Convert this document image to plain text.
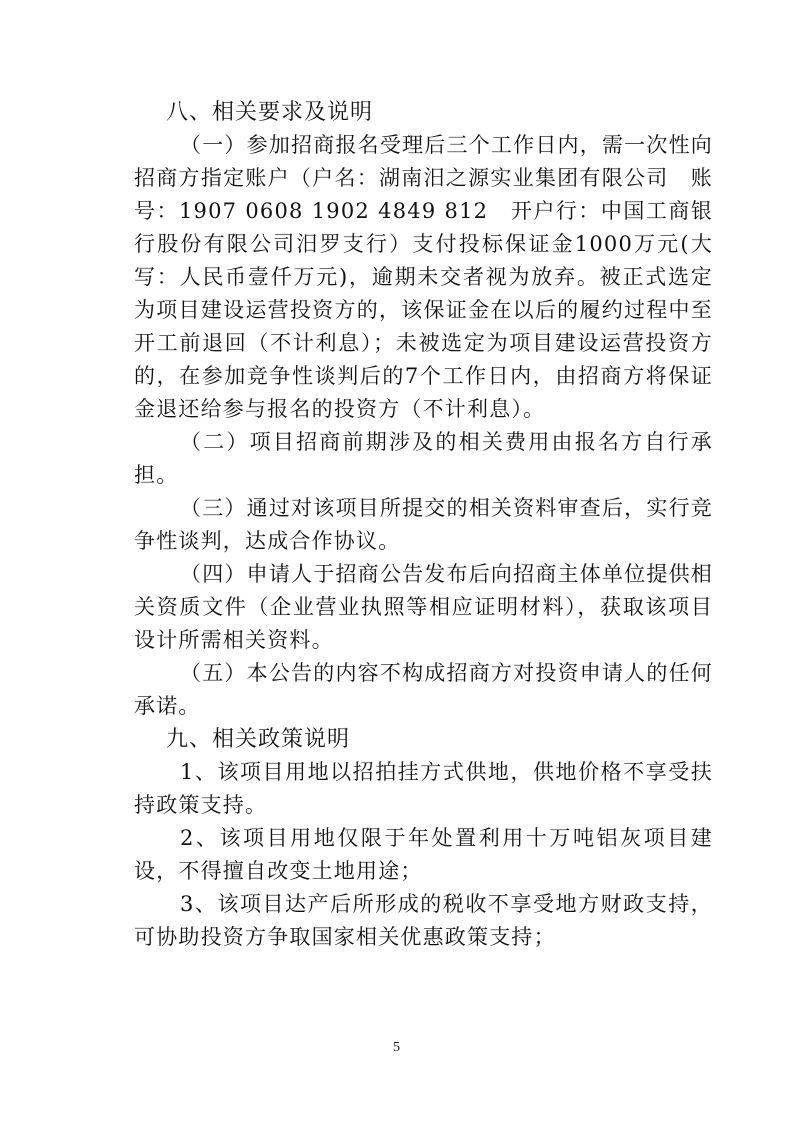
八、相关要求及说明

（一）参加招商报名受理后三个工作日内，需一次性向招商方指定账户（户名：湖南汨之源实业集团有限公司　账号：1907 0608 1902 4849 812　开户行：中国工商银行股份有限公司汨罗支行）支付投标保证金1000万元(大写：人民币壹仟万元)，逾期未交者视为放弃。被正式选定为项目建设运营投资方的，该保证金在以后的履约过程中至开工前退回（不计利息）；未被选定为项目建设运营投资方的，在参加竞争性谈判后的7个工作日内，由招商方将保证金退还给参与报名的投资方（不计利息）。

（二）项目招商前期涉及的相关费用由报名方自行承担。

（三）通过对该项目所提交的相关资料审查后，实行竞争性谈判，达成合作协议。

（四）申请人于招商公告发布后向招商主体单位提供相关资质文件（企业营业执照等相应证明材料），获取该项目设计所需相关资料。

（五）本公告的内容不构成招商方对投资申请人的任何承诺。

九、相关政策说明

1、该项目用地以招拍挂方式供地，供地价格不享受扶持政策支持。

2、该项目用地仅限于年处置利用十万吨铝灰项目建设，不得擅自改变土地用途；

3、该项目达产后所形成的税收不享受地方财政支持，可协助投资方争取国家相关优惠政策支持；

5
